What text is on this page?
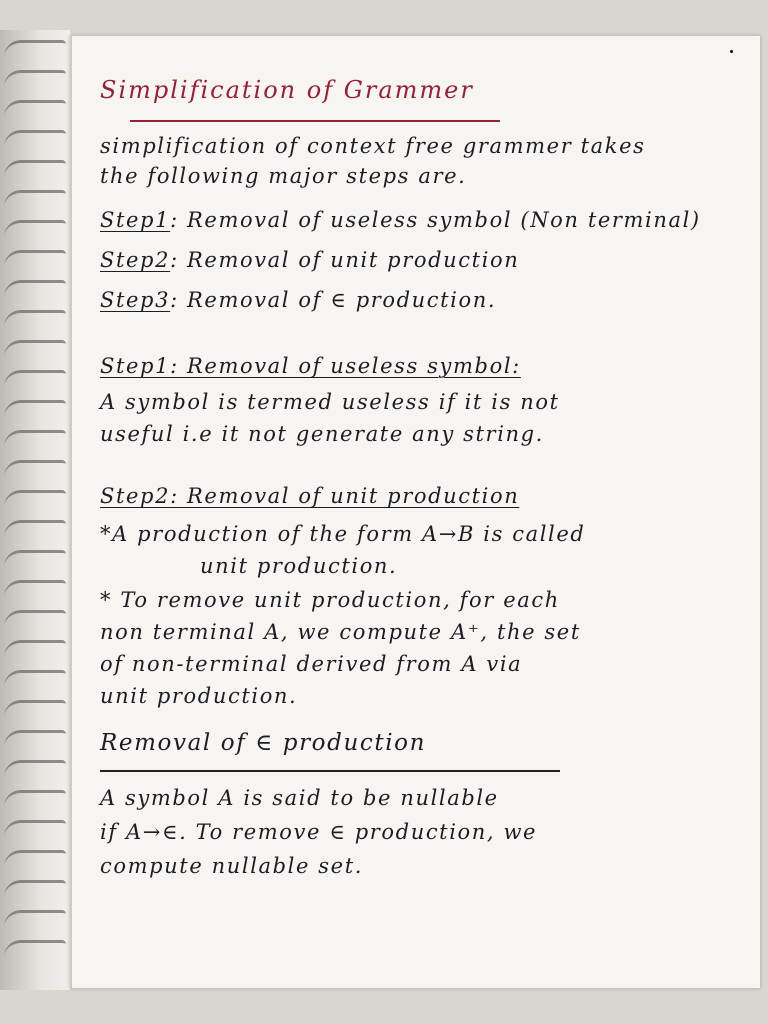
Simplification of Grammer
simplification of context free grammer takes
the following major steps are.
Step1: Removal of useless symbol (Non terminal)
Step2: Removal of unit production
Step3: Removal of ∈ production.
Step1: Removal of useless symbol:
A symbol is termed useless if it is not
useful i.e it not generate any string.
Step2: Removal of unit production
*A production of the form A→B is called
unit production.
* To remove unit production, for each
non terminal A, we compute A⁺, the set
of non-terminal derived from A via
unit production.
Removal of ∈ production
A symbol A is said to be nullable
if A→∈. To remove ∈ production, we
compute nullable set.
